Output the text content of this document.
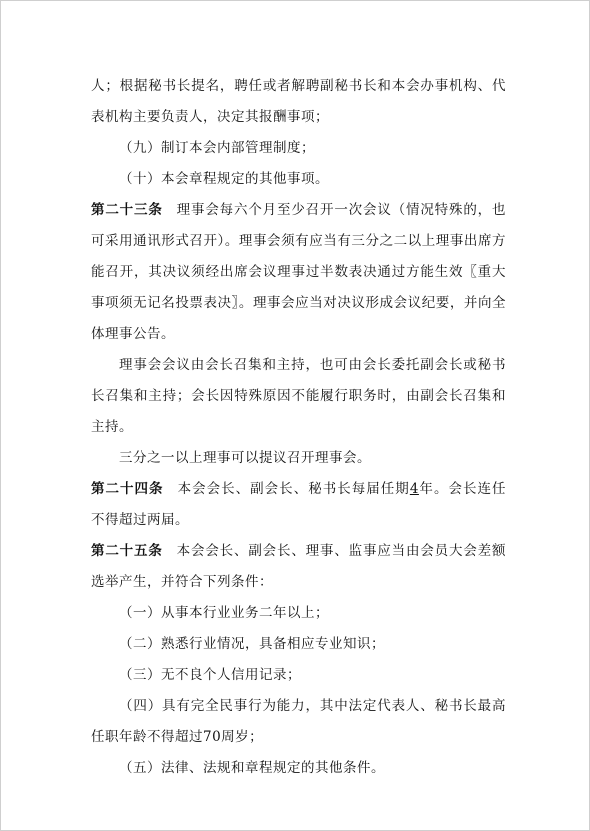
人；根据秘书长提名，聘任或者解聘副秘书长和本会办事机构、代表机构主要负责人，决定其报酬事项；

（九）制订本会内部管理制度；

（十）本会章程规定的其他事项。

第二十三条 理事会每六个月至少召开一次会议（情况特殊的，也可采用通讯形式召开）。理事会须有应当有三分之二以上理事出席方能召开，其决议须经出席会议理事过半数表决通过方能生效〖重大事项须无记名投票表决〗。理事会应当对决议形成会议纪要，并向全体理事公告。

理事会会议由会长召集和主持，也可由会长委托副会长或秘书长召集和主持；会长因特殊原因不能履行职务时，由副会长召集和主持。

三分之一以上理事可以提议召开理事会。

第二十四条 本会会长、副会长、秘书长每届任期4年。会长连任不得超过两届。

第二十五条 本会会长、副会长、理事、监事应当由会员大会差额选举产生，并符合下列条件：

（一）从事本行业业务二年以上；

（二）熟悉行业情况，具备相应专业知识；

（三）无不良个人信用记录；

（四）具有完全民事行为能力，其中法定代表人、秘书长最高任职年龄不得超过70周岁；

（五）法律、法规和章程规定的其他条件。
